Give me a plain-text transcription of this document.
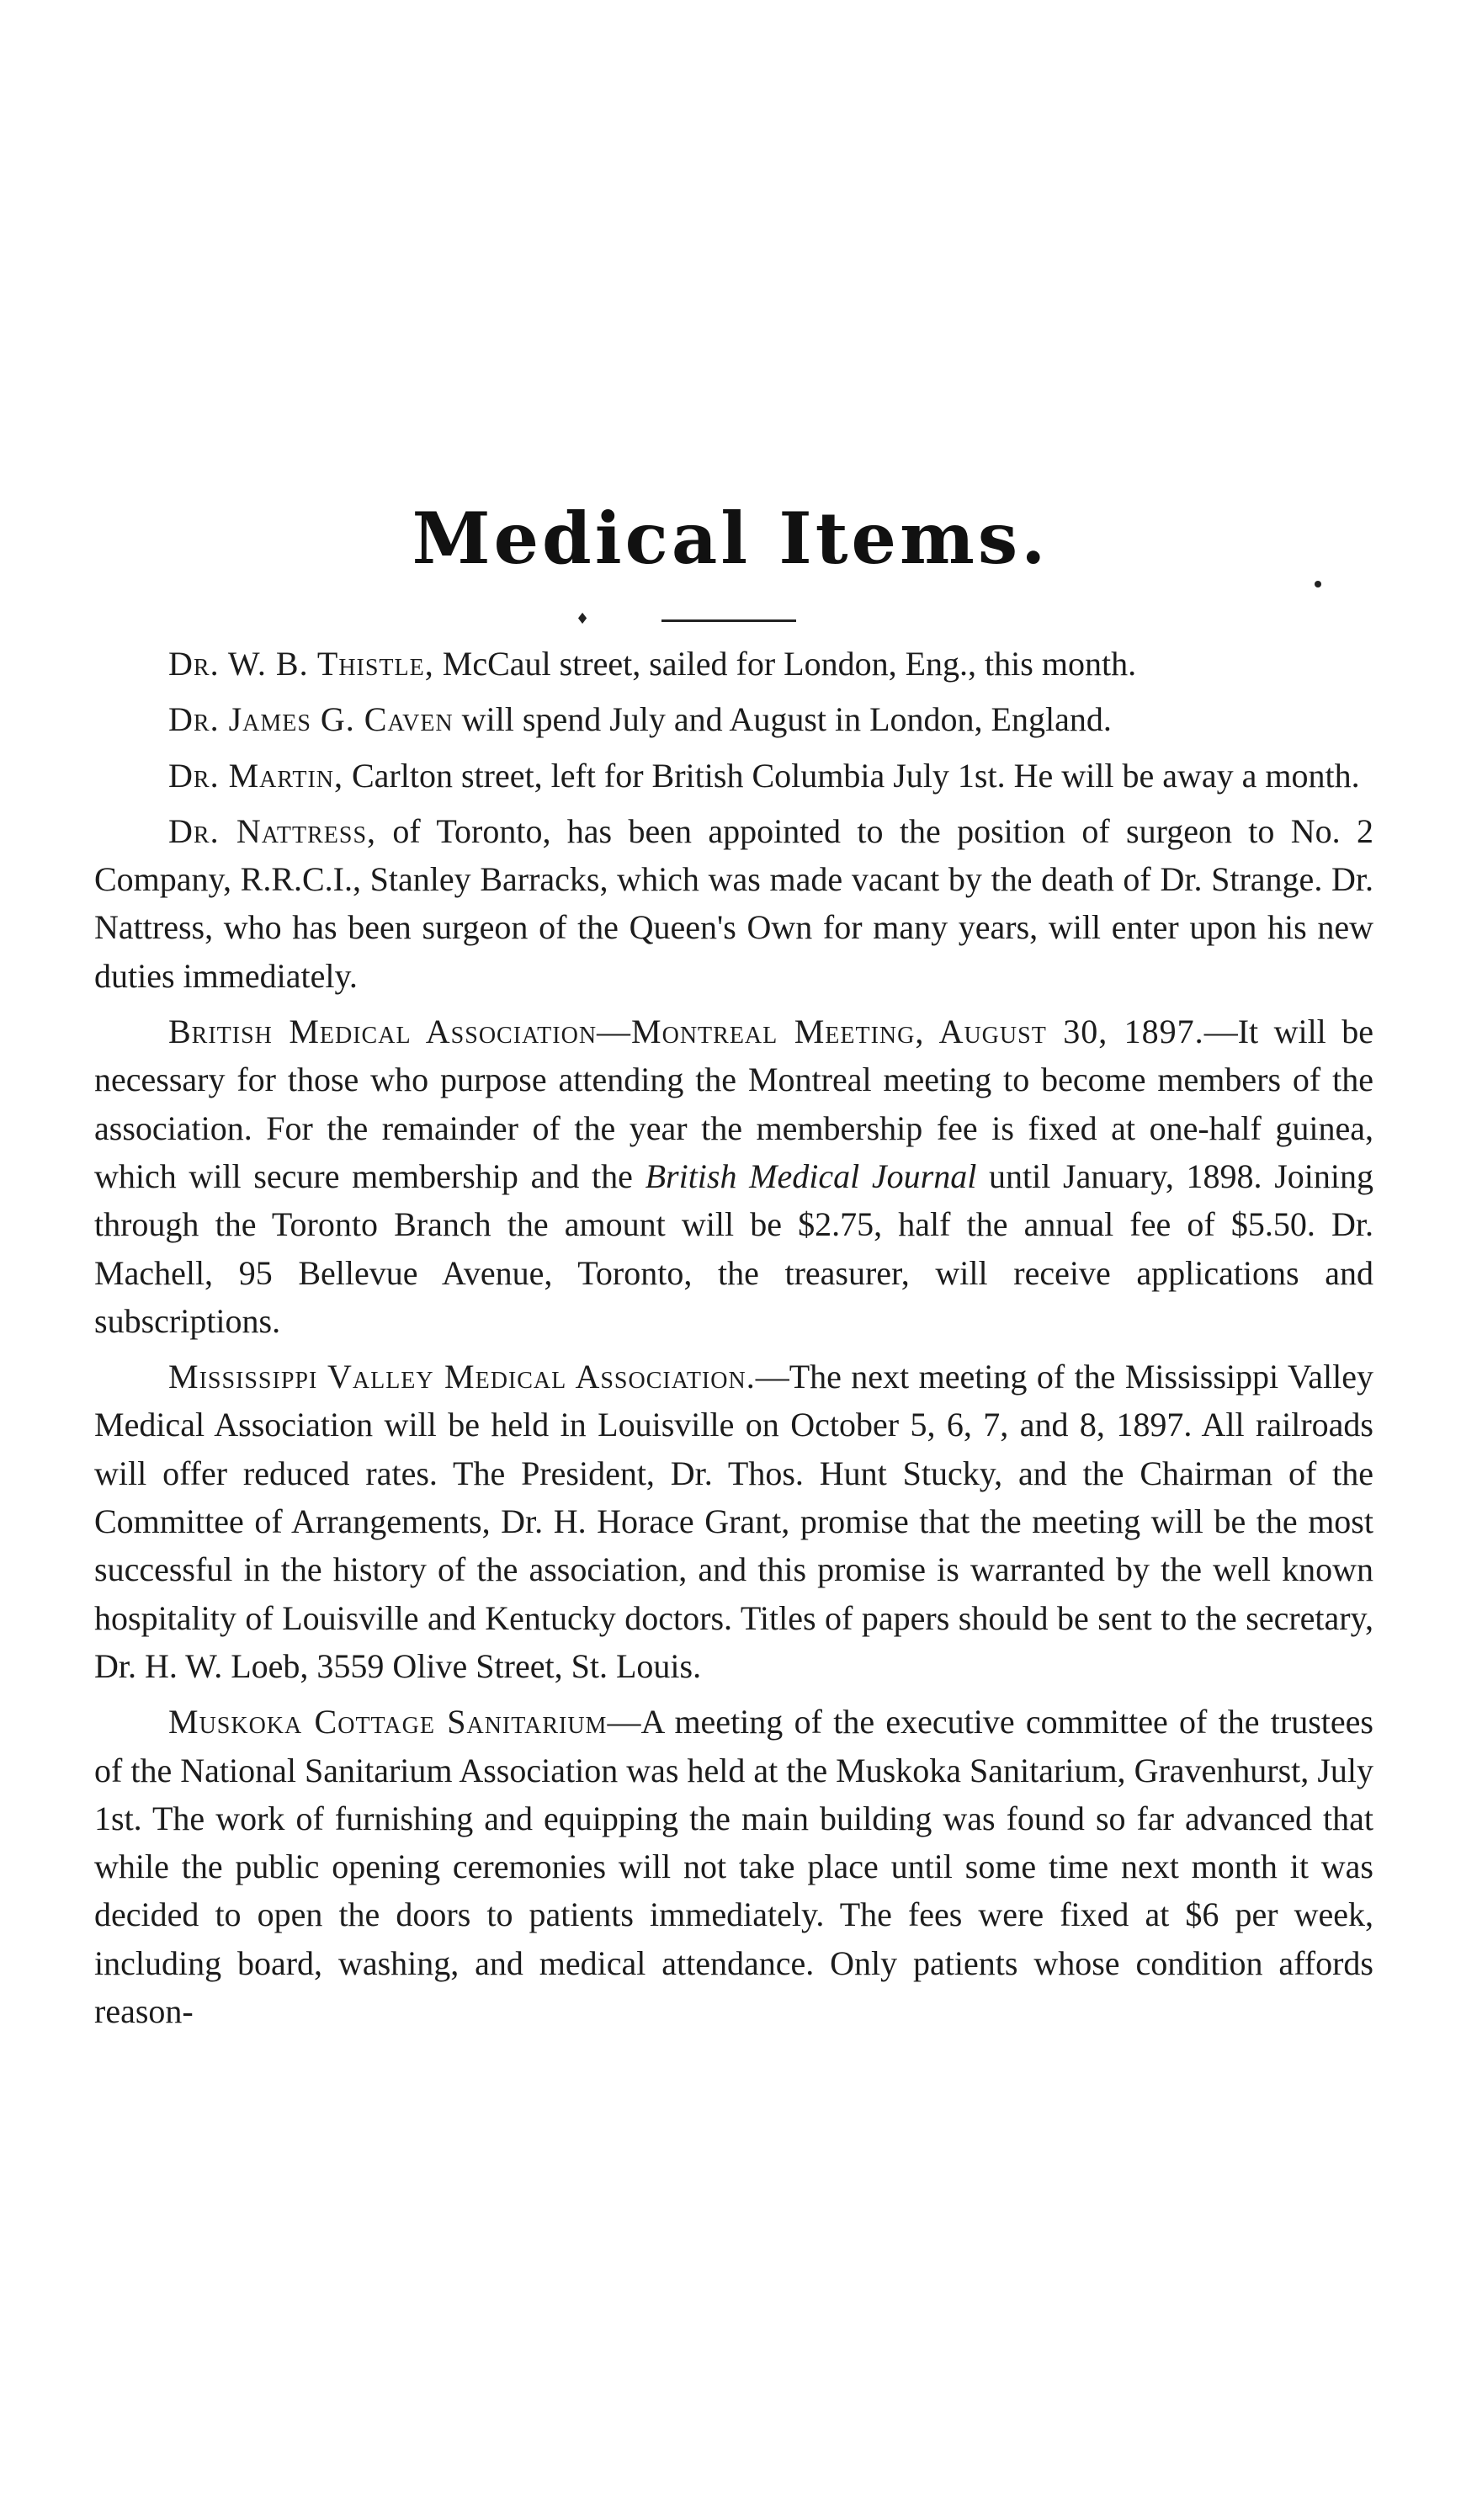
Medical Items.
♦

Dr. W. B. Thistle, McCaul street, sailed for London, Eng., this month.

Dr. James G. Caven will spend July and August in London, England.

Dr. Martin, Carlton street, left for British Columbia July 1st. He will be away a month.

Dr. Nattress, of Toronto, has been appointed to the position of surgeon to No. 2 Company, R.R.C.I., Stanley Barracks, which was made vacant by the death of Dr. Strange. Dr. Nattress, who has been surgeon of the Queen's Own for many years, will enter upon his new duties immediately.

British Medical Association—Montreal Meeting, August 30, 1897.—It will be necessary for those who purpose attending the Montreal meeting to become members of the association. For the remainder of the year the membership fee is fixed at one-half guinea, which will secure membership and the British Medical Journal until January, 1898. Joining through the Toronto Branch the amount will be $2.75, half the annual fee of $5.50. Dr. Machell, 95 Bellevue Avenue, Toronto, the treasurer, will receive applications and subscriptions.

Mississippi Valley Medical Association.—The next meeting of the Mississippi Valley Medical Association will be held in Louisville on October 5, 6, 7, and 8, 1897. All railroads will offer reduced rates. The President, Dr. Thos. Hunt Stucky, and the Chairman of the Committee of Arrangements, Dr. H. Horace Grant, promise that the meeting will be the most successful in the history of the association, and this promise is warranted by the well known hospitality of Louisville and Kentucky doctors. Titles of papers should be sent to the secretary, Dr. H. W. Loeb, 3559 Olive Street, St. Louis.

Muskoka Cottage Sanitarium—A meeting of the executive committee of the trustees of the National Sanitarium Association was held at the Muskoka Sanitarium, Gravenhurst, July 1st. The work of furnishing and equipping the main building was found so far advanced that while the public opening ceremonies will not take place until some time next month it was decided to open the doors to patients immediately. The fees were fixed at $6 per week, including board, washing, and medical attendance. Only patients whose condition affords reason-
